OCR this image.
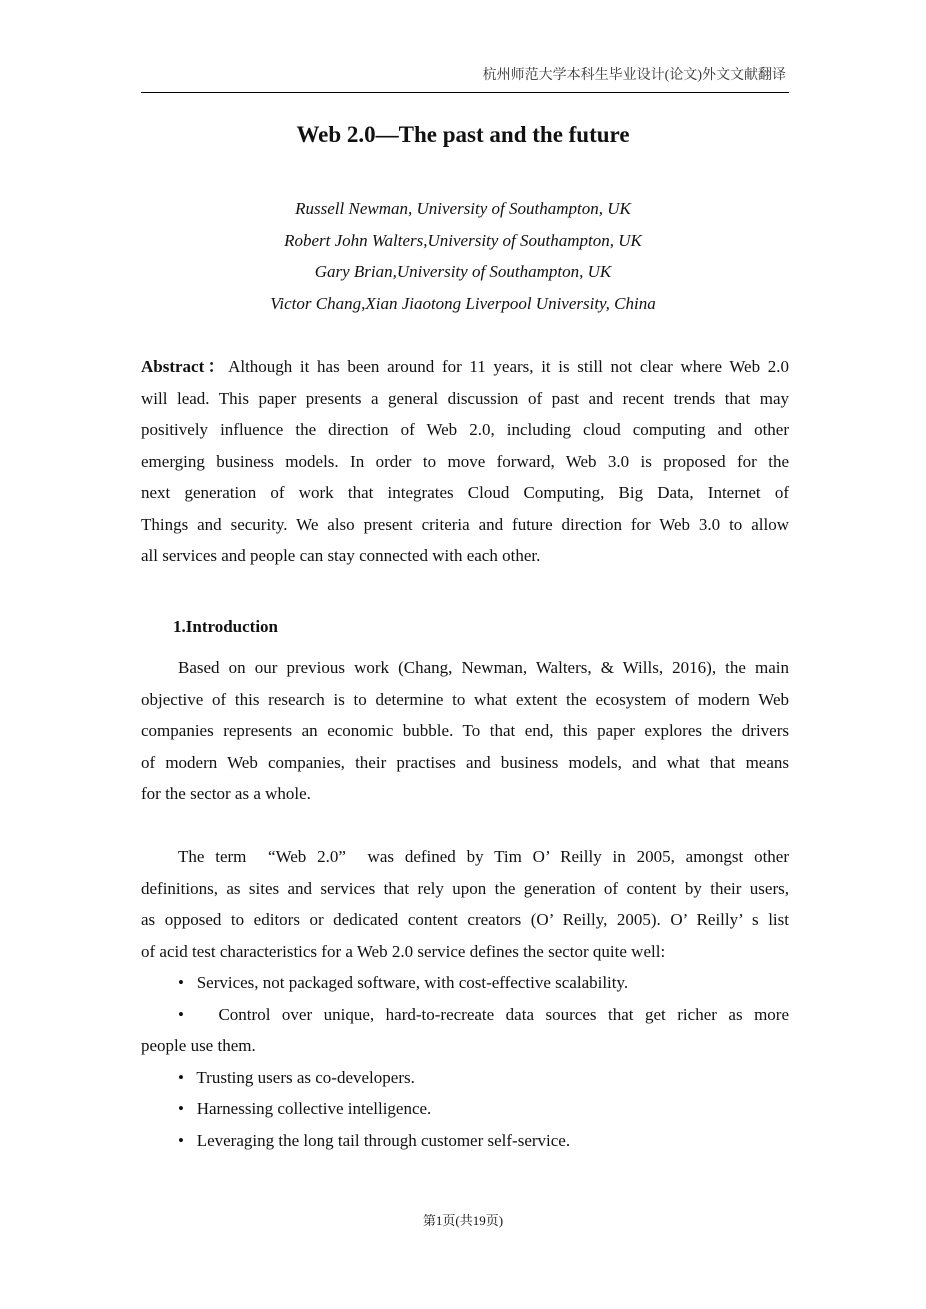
杭州师范大学本科生毕业设计(论文)外文文献翻译
Web 2.0—The past and the future
Russell Newman, University of Southampton, UK
Robert John Walters,University of Southampton, UK
Gary Brian,University of Southampton, UK
Victor Chang,Xian Jiaotong Liverpool University, China
Abstract：Although it has been around for 11 years, it is still not clear where Web 2.0
will lead. This paper presents a general discussion of past and recent trends that may
positively influence the direction of Web 2.0, including cloud computing and other
emerging business models. In order to move forward, Web 3.0 is proposed for the
next generation of work that integrates Cloud Computing, Big Data, Internet of
Things and security. We also present criteria and future direction for Web 3.0 to allow
all services and people can stay connected with each other.
1.Introduction
Based on our previous work (Chang, Newman, Walters, & Wills, 2016), the main
objective of this research is to determine to what extent the ecosystem of modern Web
companies represents an economic bubble. To that end, this paper explores the drivers
of modern Web companies, their practises and business models, and what that means
for the sector as a whole.
The term  “Web 2.0”  was defined by Tim O’ Reilly in 2005, amongst other
definitions, as sites and services that rely upon the generation of content by their users,
as opposed to editors or dedicated content creators (O’ Reilly, 2005). O’ Reilly’ s list
of acid test characteristics for a Web 2.0 service defines the sector quite well:
•   Services, not packaged software, with cost-effective scalability.
•   Control over unique, hard-to-recreate data sources that get richer as more
people use them.
•   Trusting users as co-developers.
•   Harnessing collective intelligence.
•   Leveraging the long tail through customer self-service.
第1页(共19页)
